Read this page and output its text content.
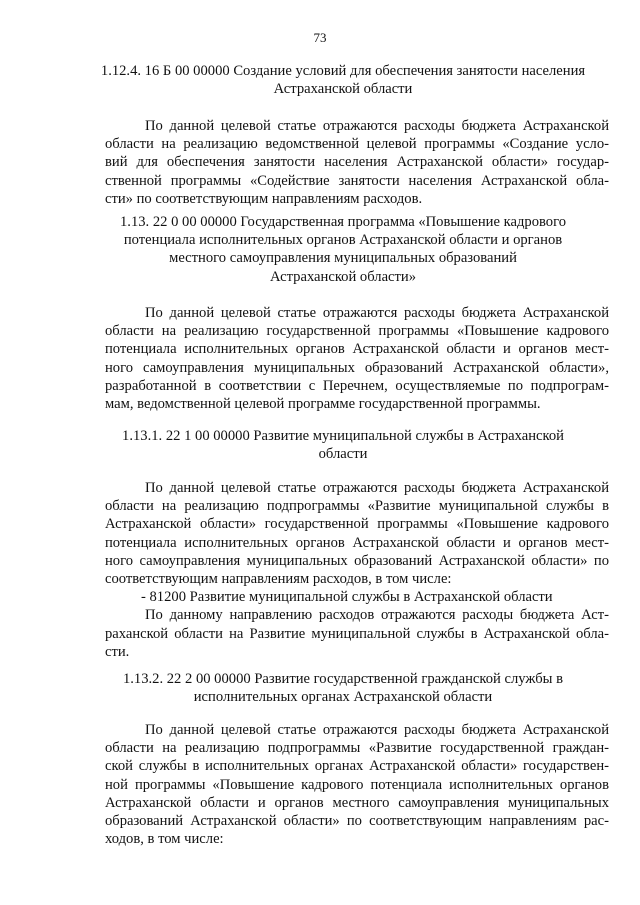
73
1.12.4. 16 Б 00 00000 Создание условий для обеспечения занятости населения
Астраханской области
По данной целевой статье отражаются расходы бюджета Астраханской
области на реализацию ведомственной целевой программы «Создание усло-
вий для обеспечения занятости населения Астраханской области» государ-
ственной программы «Содействие занятости населения Астраханской обла-
сти» по соответствующим направлениям расходов.
1.13. 22 0 00 00000 Государственная программа «Повышение кадрового
потенциала исполнительных органов Астраханской области и органов
местного самоуправления муниципальных образований
Астраханской области»
По данной целевой статье отражаются расходы бюджета Астраханской
области на реализацию государственной программы «Повышение кадрового
потенциала исполнительных органов Астраханской области и органов мест-
ного самоуправления муниципальных образований Астраханской области»,
разработанной в соответствии с Перечнем, осуществляемые по подпрограм-
мам, ведомственной целевой программе государственной программы.
1.13.1. 22 1 00 00000 Развитие муниципальной службы в Астраханской
области
По данной целевой статье отражаются расходы бюджета Астраханской
области на реализацию подпрограммы «Развитие муниципальной службы в
Астраханской области» государственной программы «Повышение кадрового
потенциала исполнительных органов Астраханской области и органов мест-
ного самоуправления муниципальных образований Астраханской области» по
соответствующим направлениям расходов, в том числе:
- 81200 Развитие муниципальной службы в Астраханской области
По данному направлению расходов отражаются расходы бюджета Аст-
раханской области на Развитие муниципальной службы в Астраханской обла-
сти.
1.13.2. 22 2 00 00000 Развитие государственной гражданской службы в
исполнительных органах Астраханской области
По данной целевой статье отражаются расходы бюджета Астраханской
области на реализацию подпрограммы «Развитие государственной граждан-
ской службы в исполнительных органах Астраханской области» государствен-
ной программы «Повышение кадрового потенциала исполнительных органов
Астраханской области и органов местного самоуправления муниципальных
образований Астраханской области» по соответствующим направлениям рас-
ходов, в том числе:
